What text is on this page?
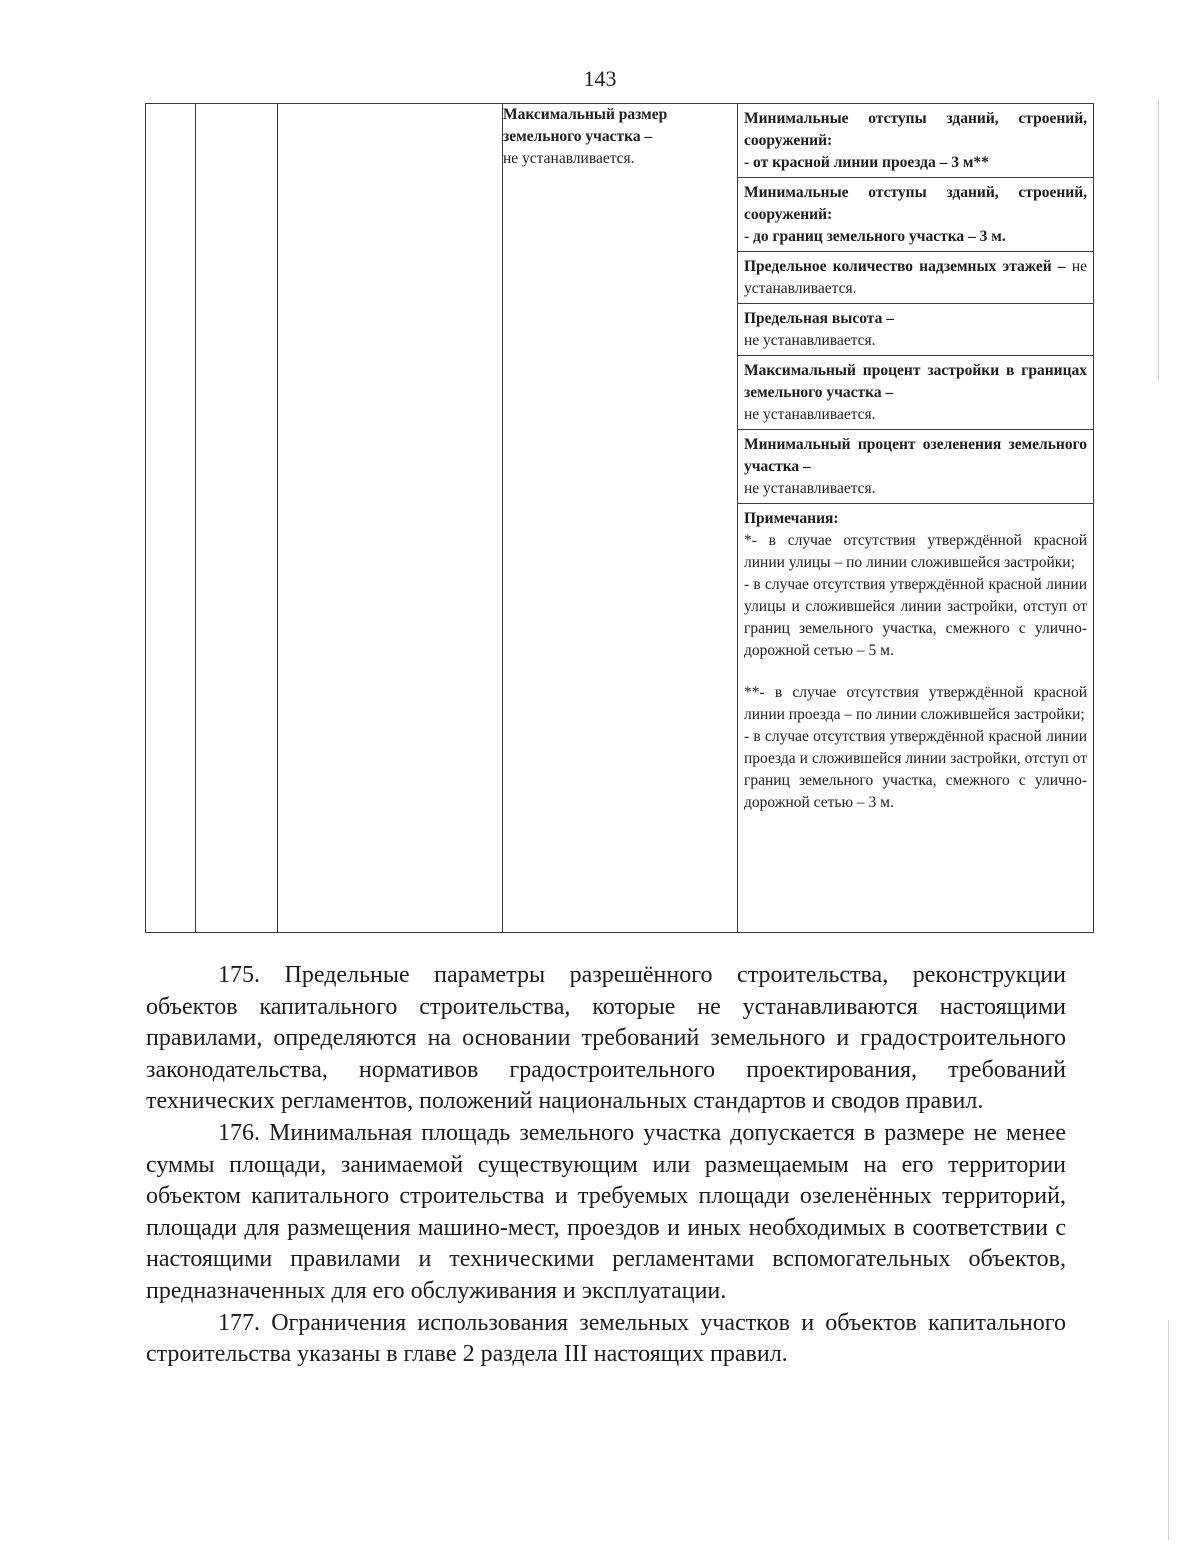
143

Максимальный размер земельного участка –
не устанавливается.

Минимальные отступы зданий, строений, сооружений:
- от красной линии проезда – 3 м**
Минимальные отступы зданий, строений, сооружений:
- до границ земельного участка – 3 м.
Предельное количество надземных этажей – не устанавливается.
Предельная высота –
не устанавливается.
Максимальный процент застройки в границах земельного участка –
не устанавливается.
Минимальный процент озеленения земельного участка –
не устанавливается.
Примечания:
*- в случае отсутствия утверждённой красной линии улицы – по линии сложившейся застройки;
- в случае отсутствия утверждённой красной линии улицы и сложившейся линии застройки, отступ от границ земельного участка, смежного с улично-дорожной сетью – 5 м.
**- в случае отсутствия утверждённой красной линии проезда – по линии сложившейся застройки;
- в случае отсутствия утверждённой красной линии проезда и сложившейся линии застройки, отступ от границ земельного участка, смежного с улично-дорожной сетью – 3 м.

175. Предельные параметры разрешённого строительства, реконструкции объектов капитального строительства, которые не устанавливаются настоящими правилами, определяются на основании требований земельного и градостроительного законодательства, нормативов градостроительного проектирования, требований технических регламентов, положений национальных стандартов и сводов правил.

176. Минимальная площадь земельного участка допускается в размере не менее суммы площади, занимаемой существующим или размещаемым на его территории объектом капитального строительства и требуемых площади озеленённых территорий, площади для размещения машино-мест, проездов и иных необходимых в соответствии с настоящими правилами и техническими регламентами вспомогательных объектов, предназначенных для его обслуживания и эксплуатации.

177. Ограничения использования земельных участков и объектов капитального строительства указаны в главе 2 раздела III настоящих правил.
